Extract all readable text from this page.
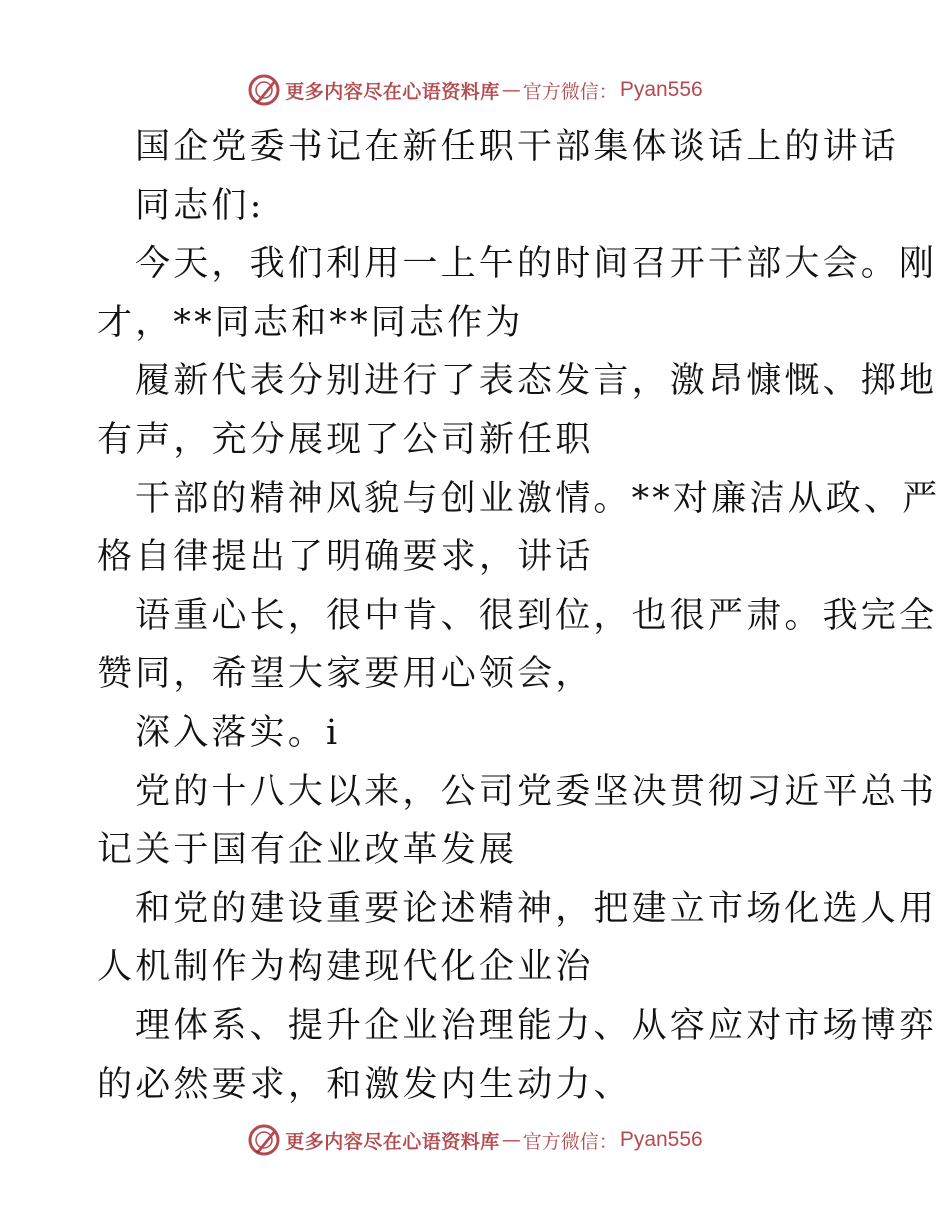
更多内容尽在心语资料库 — 官方微信： Pyan556
国企党委书记在新任职干部集体谈话上的讲话
同志们:
今天，我们利用一上午的时间召开干部大会。刚
才，**同志和**同志作为
履新代表分别进行了表态发言，激昂慷慨、掷地
有声，充分展现了公司新任职
干部的精神风貌与创业激情。**对廉洁从政、严
格自律提出了明确要求，讲话
语重心长，很中肯、很到位，也很严肃。我完全
赞同，希望大家要用心领会，
深入落实。i
党的十八大以来，公司党委坚决贯彻习近平总书
记关于国有企业改革发展
和党的建设重要论述精神，把建立市场化选人用
人机制作为构建现代化企业治
理体系、提升企业治理能力、从容应对市场博弈
的必然要求，和激发内生动力、
更多内容尽在心语资料库 — 官方微信： Pyan556
